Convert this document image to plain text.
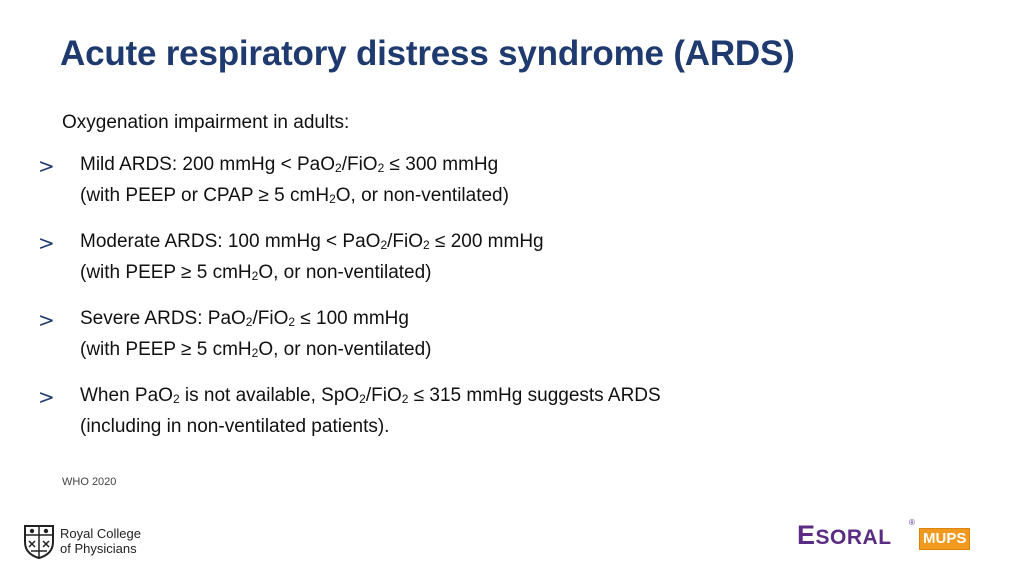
Acute respiratory distress syndrome (ARDS)
Oxygenation impairment in adults:
> Mild ARDS: 200 mmHg < PaO$_2$/FiO$_2$ ≤ 300 mmHg
(with PEEP or CPAP ≥ 5 cmH$_2$O, or non-ventilated)
> Moderate ARDS: 100 mmHg < PaO$_2$/FiO$_2$ ≤ 200 mmHg
(with PEEP ≥ 5 cmH$_2$O, or non-ventilated)
> Severe ARDS: PaO$_2$/FiO$_2$ ≤ 100 mmHg
(with PEEP ≥ 5 cmH$_2$O, or non-ventilated)
> When PaO$_2$ is not available, SpO$_2$/FiO$_2$ ≤ 315 mmHg suggests ARDS
(including in non-ventilated patients).
WHO 2020
Royal College
of Physicians	ESORAL
®
MUPS
